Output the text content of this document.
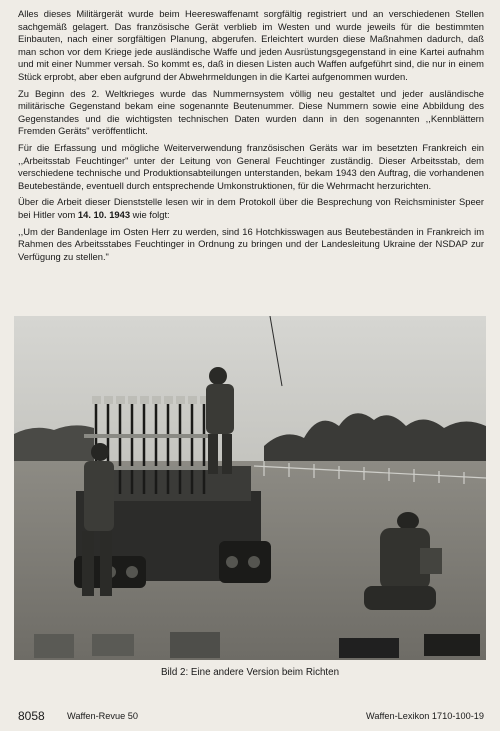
Alles dieses Militärgerät wurde beim Heereswaffenamt sorgfältig registriert und an verschiedenen Stellen sachgemäß gelagert. Das französische Gerät verblieb im Westen und wurde jeweils für die bestimmten Einbauten, nach einer sorgfältigen Planung, abgerufen. Erleichtert wurden diese Maßnahmen dadurch, daß man schon vor dem Kriege jede ausländische Waffe und jeden Ausrüstungsgegenstand in eine Kartei aufnahm und mit einer Nummer versah. So kommt es, daß in diesen Listen auch Waffen aufgeführt sind, die nur in einem Stück erprobt, aber eben aufgrund der Abwehrmeldungen in die Kartei aufgenommen wurden.

Zu Beginn des 2. Weltkrieges wurde das Nummernsystem völlig neu gestaltet und jeder ausländische militärische Gegenstand bekam eine sogenannte Beutenummer. Diese Nummern sowie eine Abbildung des Gegenstandes und die wichtigsten technischen Daten wurden dann in den sogenannten ,,Kennblättern Fremden Geräts" veröffentlicht.

Für die Erfassung und mögliche Weiterverwendung französischen Geräts war im besetzten Frankreich ein ,,Arbeitsstab Feuchtinger" unter der Leitung von General Feuchtinger zuständig. Dieser Arbeitsstab, dem verschiedene technische und Produktionsabteilungen unterstanden, bekam 1943 den Auftrag, die vorhandenen Beutebestände, eventuell durch entsprechende Umkonstruktionen, für die Wehrmacht herzurichten.

Über die Arbeit dieser Dienststelle lesen wir in dem Protokoll über die Besprechung von Reichsminister Speer bei Hitler vom 14. 10. 1943 wie folgt:

,,Um der Bandenlage im Osten Herr zu werden, sind 16 Hotchkisswagen aus Beutebeständen in Frankreich im Rahmen des Arbeitsstabes Feuchtinger in Ordnung zu bringen und der Landesleitung Ukraine der NSDAP zur Verfügung zu stellen."

Bild 2: Eine andere Version beim Richten
8058 Waffen-Revue 50	Waffen-Lexikon 1710-100-19
